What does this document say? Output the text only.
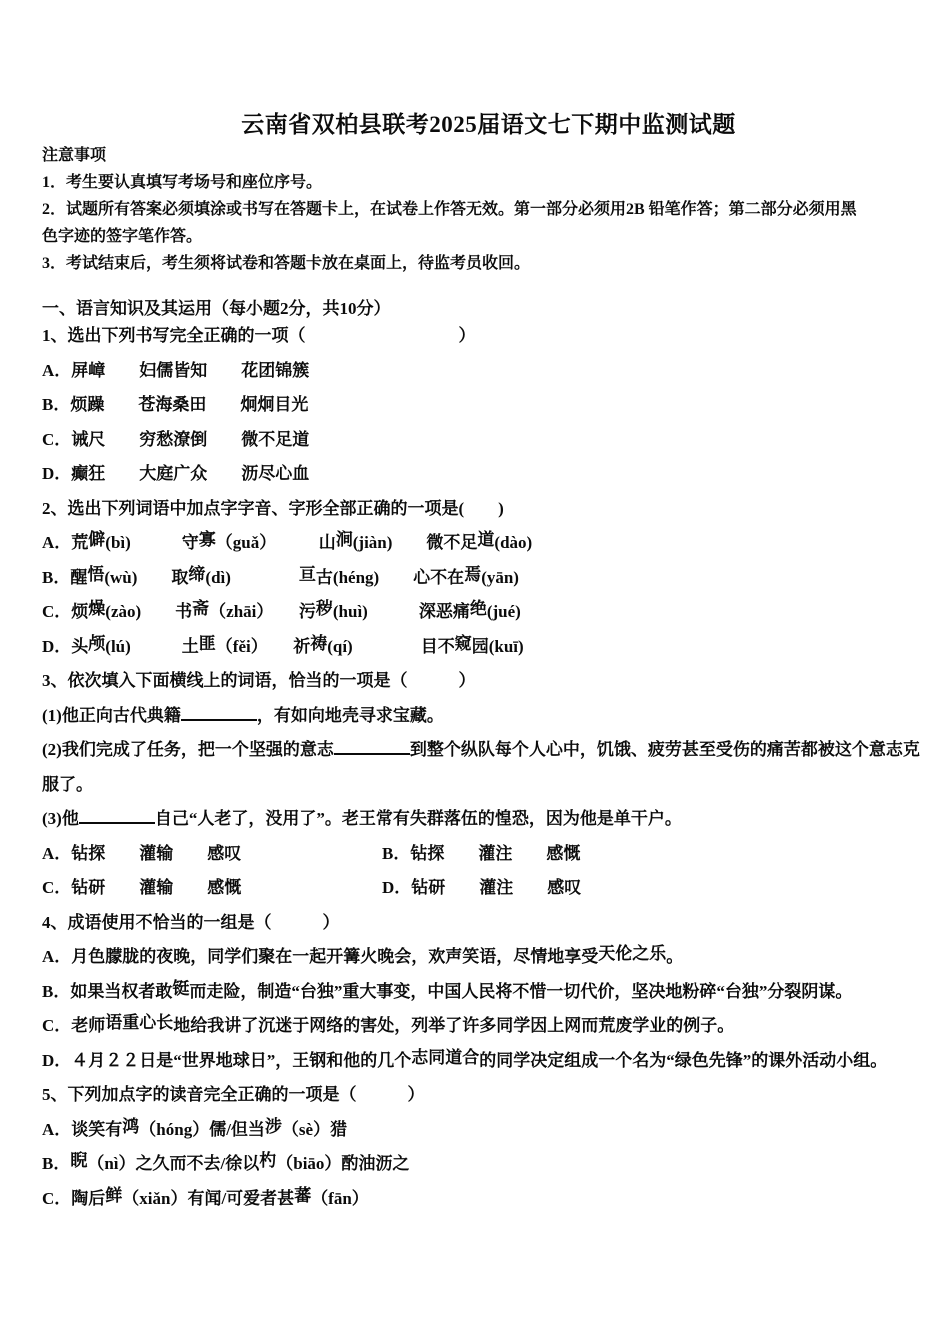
云南省双柏县联考2025届语文七下期中监测试题
注意事项
1．考生要认真填写考场号和座位序号。
2．试题所有答案必须填涂或书写在答题卡上，在试卷上作答无效。第一部分必须用2B 铅笔作答；第二部分必须用黑
色字迹的签字笔作答。
3．考试结束后，考生须将试卷和答题卡放在桌面上，待监考员收回。
一、语言知识及其运用（每小题2分，共10分）
1、选出下列书写完全正确的一项（　　　　　　　　　）
A．屏嶂　　妇儒皆知　　花团锦簇
B．烦躁　　苍海桑田　　炯炯目光
C．诫尺　　穷愁潦倒　　微不足道
D．癫狂　　大庭广众　　沥尽心血
2、选出下列词语中加点字字音、字形全部正确的一项是(　　)
A．荒僻(bì)　　　守寡（guǎ）　　　山涧(jiàn)　　微不足道(dào)
B．醒悟(wù)　　取缔(dì)　　　　亘古(héng)　　心不在焉(yān)
C．烦燥(zào)　　书斋（zhāi）　　污秽(huì)　　　深恶痛绝(jué)
D．头颅(lú)　　　土匪（fěi）　　祈祷(qí)　　　　目不窥园(kuī)
3、依次填入下面横线上的词语，恰当的一项是（　　　）
(1)他正向古代典籍	，有如向地壳寻求宝藏。
(2)我们完成了任务，把一个坚强的意志	到整个纵队每个人心中，饥饿、疲劳甚至受伤的痛苦都被这个意志克
服了。
(3)他	自己“人老了，没用了”。老王常有失群落伍的惶恐，因为他是单干户。
A．钻探　　灌输　　感叹	B．钻探　　灌注　　感慨
C．钻研　　灌输　　感慨	D．钻研　　灌注　　感叹
4、成语使用不恰当的一组是（　　　）
A．月色朦胧的夜晚，同学们聚在一起开篝火晚会，欢声笑语，尽情地享受天伦之乐。
B．如果当权者敢铤而走险，制造“台独”重大事变，中国人民将不惜一切代价，坚决地粉碎“台独”分裂阴谋。
C．老师语重心长地给我讲了沉迷于网络的害处，列举了许多同学因上网而荒废学业的例子。
D．４月２２日是“世界地球日”，王钢和他的几个志同道合的同学决定组成一个名为“绿色先锋”的课外活动小组。
5、下列加点字的读音完全正确的一项是（　　　）
A．谈笑有鸿（hóng）儒/但当涉（sè）猎
B．睨（nì）之久而不去/徐以杓（biāo）酌油沥之
C．陶后鲜（xiǎn）有闻/可爱者甚蕃（fān）
